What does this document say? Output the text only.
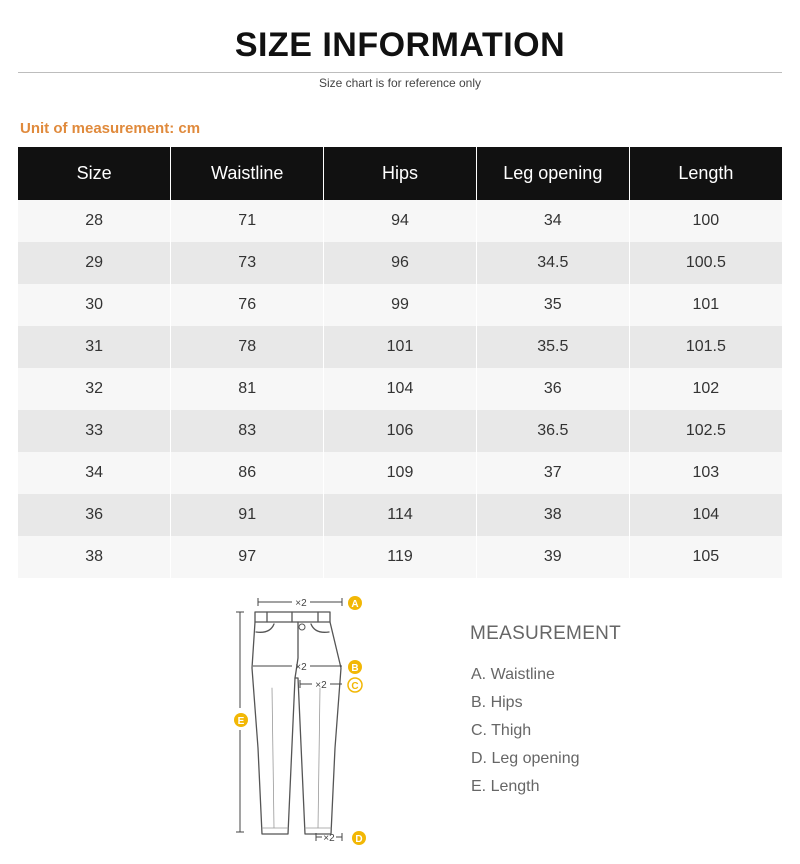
SIZE INFORMATION
Size chart is for reference only
Unit of measurement: cm
Size	Waistline	Hips	Leg opening	Length
28	71	94	34	100
29	73	96	34.5	100.5
30	76	99	35	101
31	78	101	35.5	101.5
32	81	104	36	102
33	83	106	36.5	102.5
34	86	109	37	103
36	91	114	38	104
38	97	119	39	105
×2	A
×2	B
×2 C
E
×2 D
MEASUREMENT
A. Waistline
B. Hips
C. Thigh
D. Leg opening
E. Length
